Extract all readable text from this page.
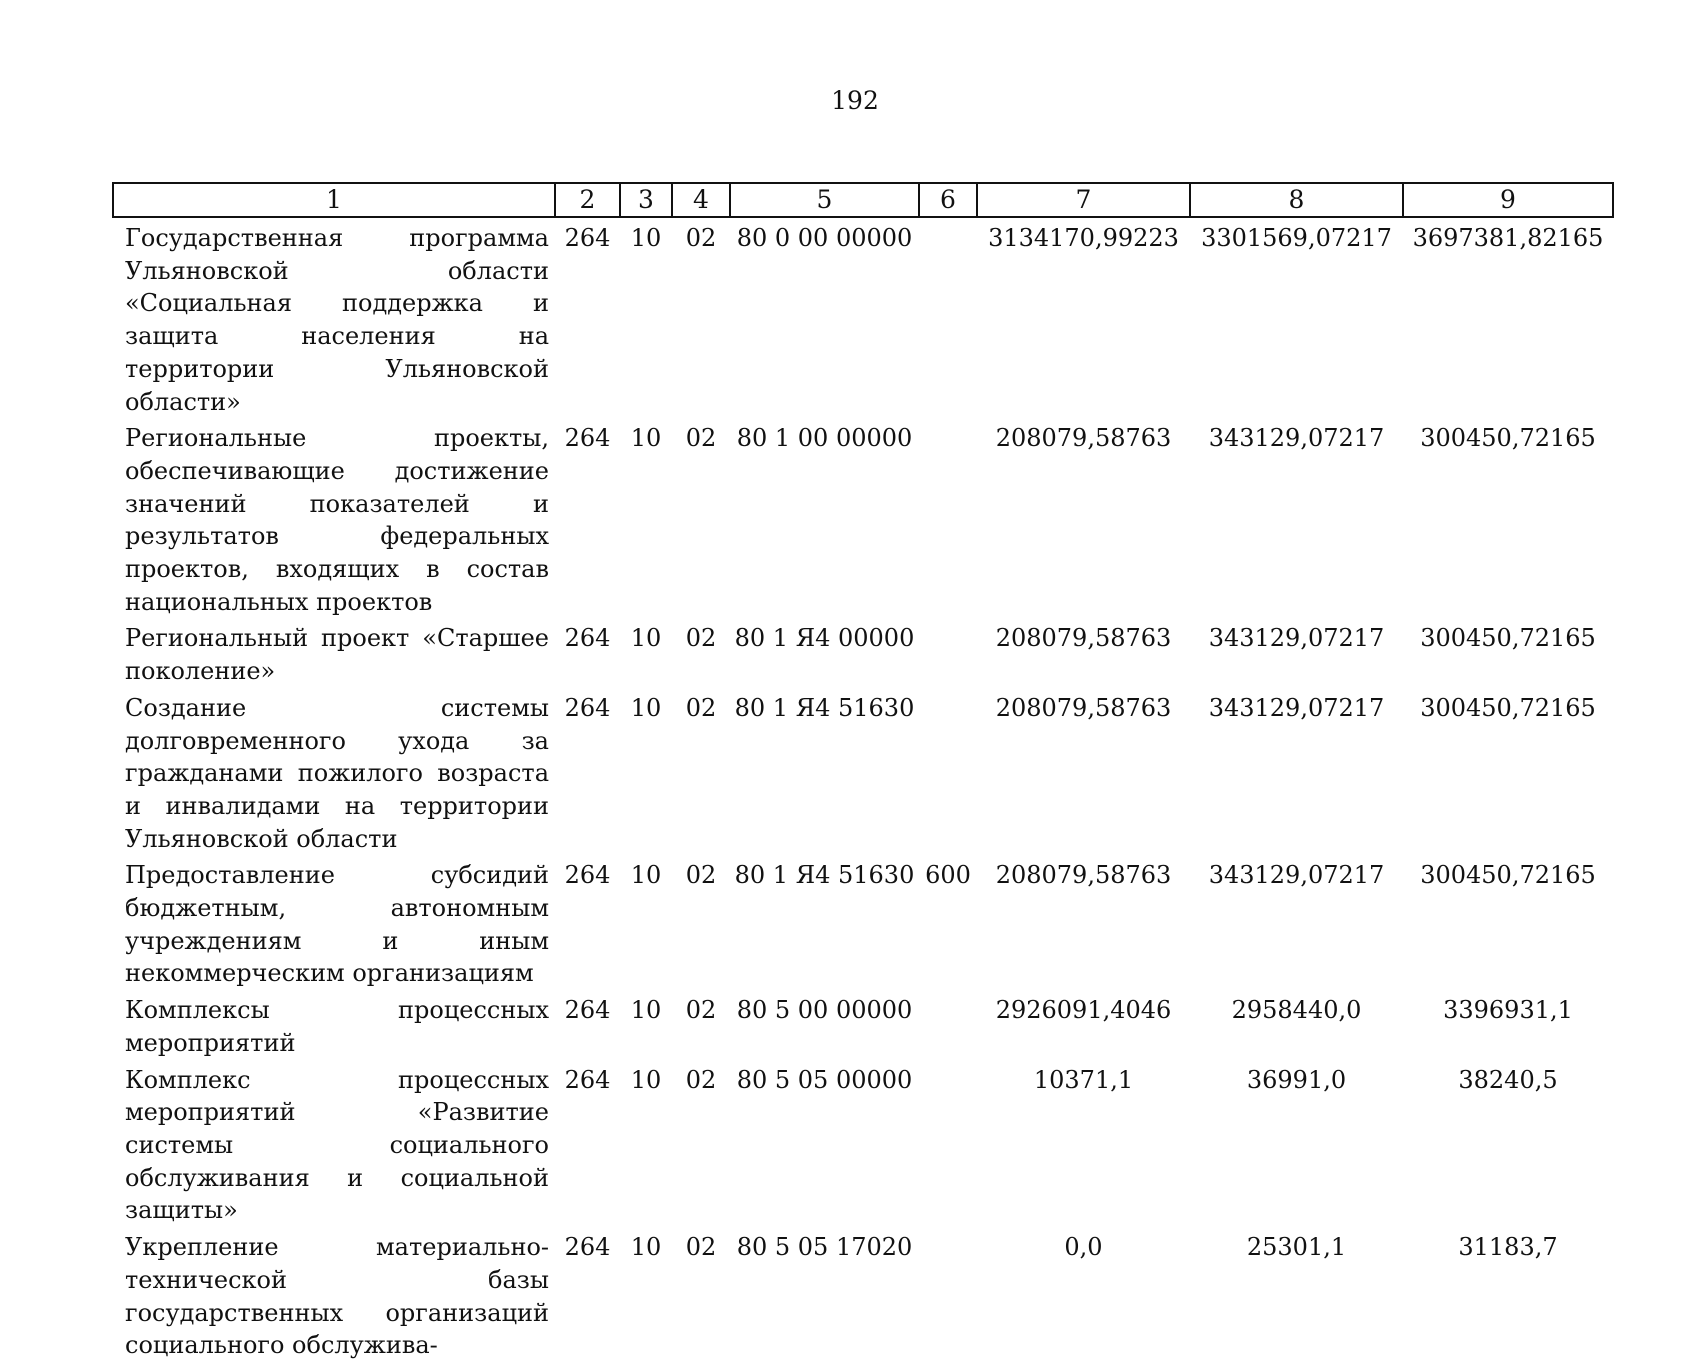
192
1	2	3	4	5	6	7	8	9
Государственная программа Ульяновской области «Социальная поддержка и защита населения на территории Ульяновской области»	264	10	02	80 0 00 00000		3134170,99223	3301569,07217	3697381,82165
Региональные проекты, обеспечивающие достижение значений показателей и результатов федеральных проектов, входящих в состав национальных проектов	264	10	02	80 1 00 00000		208079,58763	343129,07217	300450,72165
Региональный проект «Старшее поколение»	264	10	02	80 1 Я4 00000		208079,58763	343129,07217	300450,72165
Создание системы долговременного ухода за гражданами пожилого возраста и инвалидами на территории Ульяновской области	264	10	02	80 1 Я4 51630		208079,58763	343129,07217	300450,72165
Предоставление субсидий бюджетным, автономным учреждениям и иным некоммерческим организациям	264	10	02	80 1 Я4 51630	600	208079,58763	343129,07217	300450,72165
Комплексы процессных мероприятий	264	10	02	80 5 00 00000		2926091,4046	2958440,0	3396931,1
Комплекс процессных мероприятий «Развитие системы социального обслуживания и социальной защиты»	264	10	02	80 5 05 00000		10371,1	36991,0	38240,5
Укрепление материально-технической базы государственных организаций социального обслужива-	264	10	02	80 5 05 17020		0,0	25301,1	31183,7
